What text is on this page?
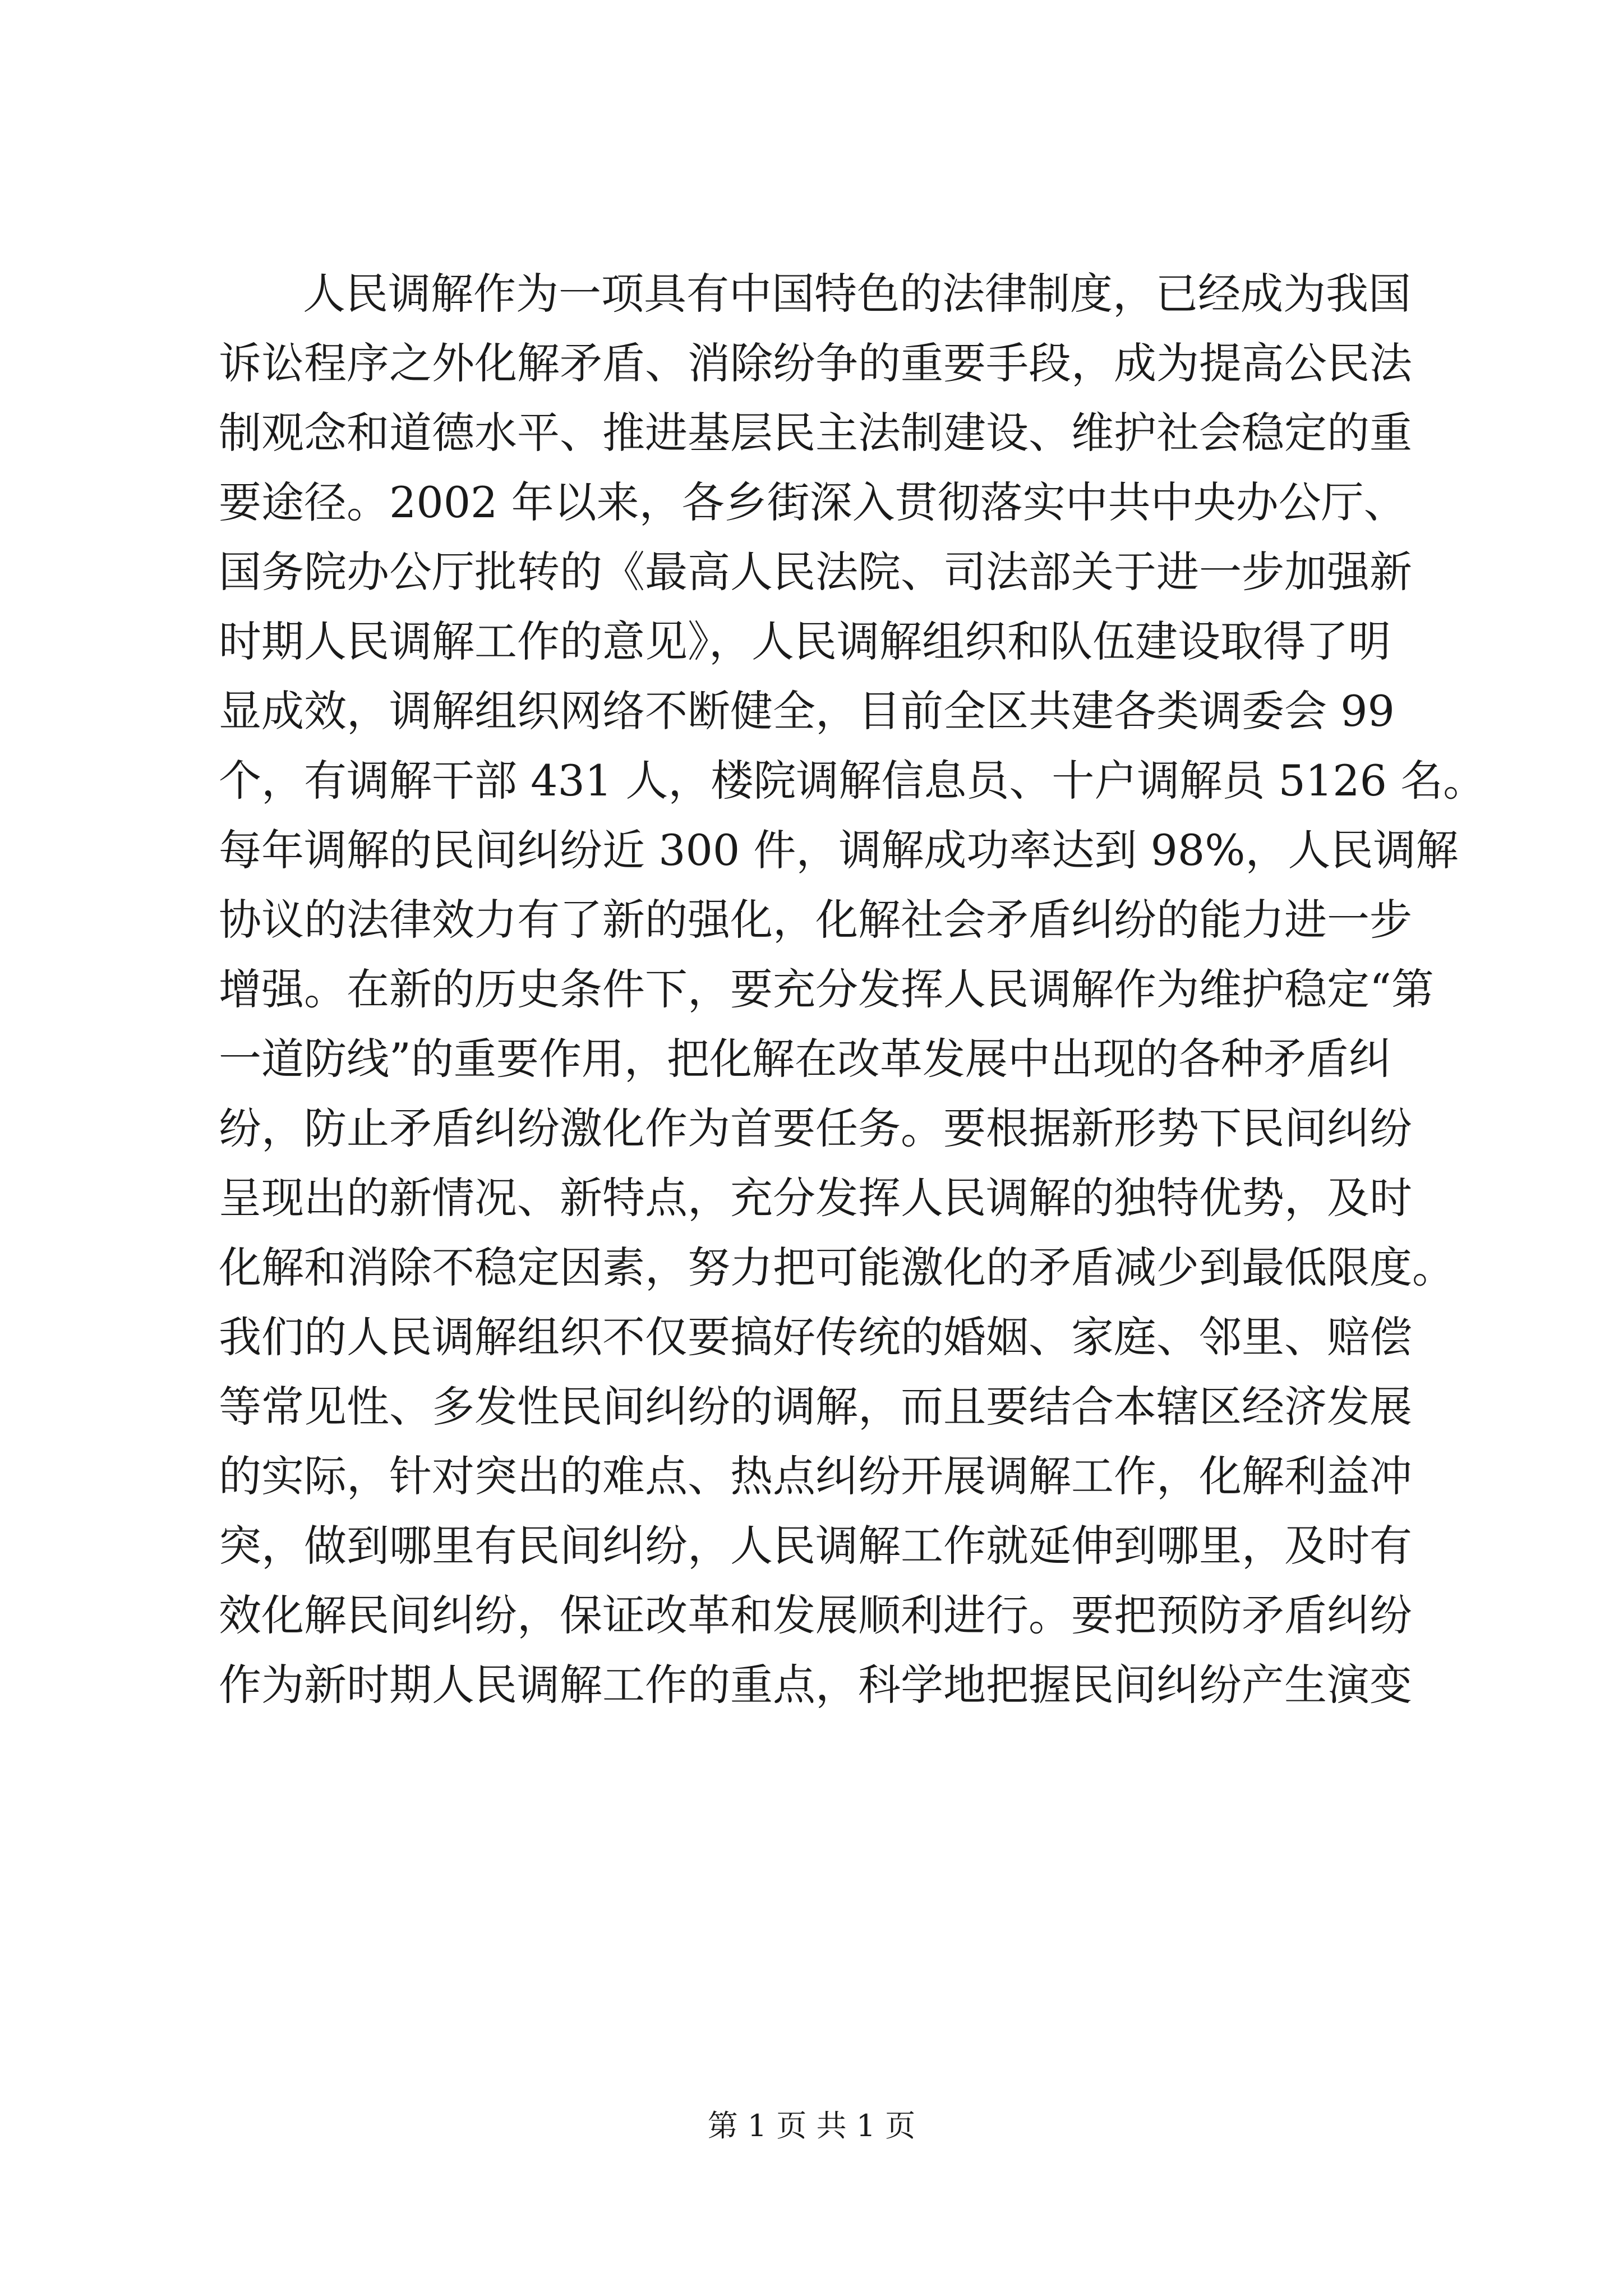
人民调解作为一项具有中国特色的法律制度，已经成为我国
诉讼程序之外化解矛盾、消除纷争的重要手段，成为提高公民法
制观念和道德水平、推进基层民主法制建设、维护社会稳定的重
要途径。2002 年以来，各乡街深入贯彻落实中共中央办公厅、
国务院办公厅批转的《最高人民法院、司法部关于进一步加强新
时期人民调解工作的意见》，人民调解组织和队伍建设取得了明
显成效，调解组织网络不断健全，目前全区共建各类调委会 99
个，有调解干部 431 人，楼院调解信息员、十户调解员 5126 名。
每年调解的民间纠纷近 300 件，调解成功率达到 98%，人民调解
协议的法律效力有了新的强化，化解社会矛盾纠纷的能力进一步
增强。在新的历史条件下，要充分发挥人民调解作为维护稳定“第
一道防线”的重要作用，把化解在改革发展中出现的各种矛盾纠
纷，防止矛盾纠纷激化作为首要任务。要根据新形势下民间纠纷
呈现出的新情况、新特点，充分发挥人民调解的独特优势，及时
化解和消除不稳定因素，努力把可能激化的矛盾减少到最低限度。
我们的人民调解组织不仅要搞好传统的婚姻、家庭、邻里、赔偿
等常见性、多发性民间纠纷的调解，而且要结合本辖区经济发展
的实际，针对突出的难点、热点纠纷开展调解工作，化解利益冲
突，做到哪里有民间纠纷，人民调解工作就延伸到哪里，及时有
效化解民间纠纷，保证改革和发展顺利进行。要把预防矛盾纠纷
作为新时期人民调解工作的重点，科学地把握民间纠纷产生演变
第 1 页 共 1 页
